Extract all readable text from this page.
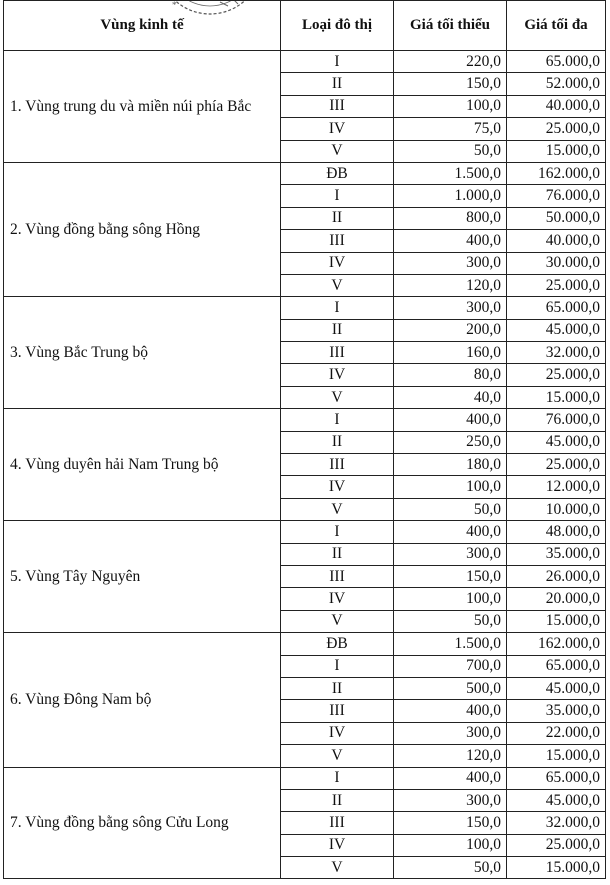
*
Vùng kinh tế	Loại đô thị	Giá tối thiểu	Giá tối đa
1. Vùng trung du và miền núi phía Bắc	I	220,0	65.000,0
	II	150,0	52.000,0
	III	100,0	40.000,0
	IV	75,0	25.000,0
	V	50,0	15.000,0
2. Vùng đồng bằng sông Hồng	ĐB	1.500,0	162.000,0
	I	1.000,0	76.000,0
	II	800,0	50.000,0
	III	400,0	40.000,0
	IV	300,0	30.000,0
	V	120,0	25.000,0
3. Vùng Bắc Trung bộ	I	300,0	65.000,0
	II	200,0	45.000,0
	III	160,0	32.000,0
	IV	80,0	25.000,0
	V	40,0	15.000,0
4. Vùng duyên hải Nam Trung bộ	I	400,0	76.000,0
	II	250,0	45.000,0
	III	180,0	25.000,0
	IV	100,0	12.000,0
	V	50,0	10.000,0
5. Vùng Tây Nguyên	I	400,0	48.000,0
	II	300,0	35.000,0
	III	150,0	26.000,0
	IV	100,0	20.000,0
	V	50,0	15.000,0
6. Vùng Đông Nam bộ	ĐB	1.500,0	162.000,0
	I	700,0	65.000,0
	II	500,0	45.000,0
	III	400,0	35.000,0
	IV	300,0	22.000,0
	V	120,0	15.000,0
7. Vùng đồng bằng sông Cửu Long	I	400,0	65.000,0
	II	300,0	45.000,0
	III	150,0	32.000,0
	IV	100,0	25.000,0
	V	50,0	15.000,0
